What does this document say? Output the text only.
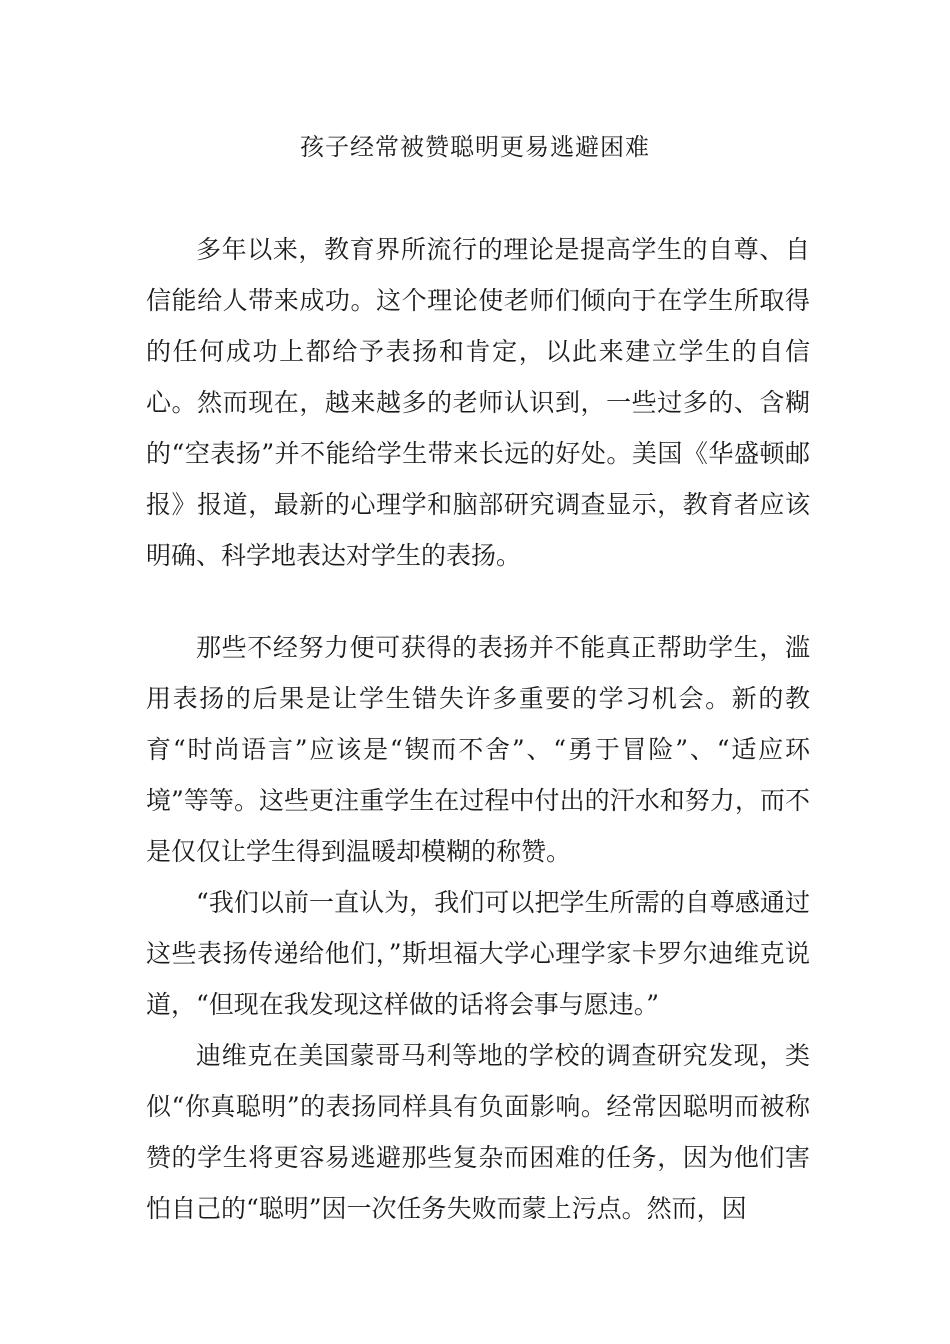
孩子经常被赞聪明更易逃避困难

多年以来，教育界所流行的理论是提高学生的自尊、自信能给人带来成功。这个理论使老师们倾向于在学生所取得的任何成功上都给予表扬和肯定，以此来建立学生的自信心。然而现在，越来越多的老师认识到，一些过多的、含糊的“空表扬”并不能给学生带来长远的好处。美国《华盛顿邮报》报道，最新的心理学和脑部研究调查显示，教育者应该明确、科学地表达对学生的表扬。

那些不经努力便可获得的表扬并不能真正帮助学生，滥用表扬的后果是让学生错失许多重要的学习机会。新的教育“时尚语言”应该是“锲而不舍”、“勇于冒险”、“适应环境”等等。这些更注重学生在过程中付出的汗水和努力，而不是仅仅让学生得到温暖却模糊的称赞。

“我们以前一直认为，我们可以把学生所需的自尊感通过这些表扬传递给他们，”斯坦福大学心理学家卡罗尔迪维克说道，“但现在我发现这样做的话将会事与愿违。”

迪维克在美国蒙哥马利等地的学校的调查研究发现，类似“你真聪明”的表扬同样具有负面影响。经常因聪明而被称赞的学生将更容易逃避那些复杂而困难的任务，因为他们害怕自己的“聪明”因一次任务失败而蒙上污点。然而，因
